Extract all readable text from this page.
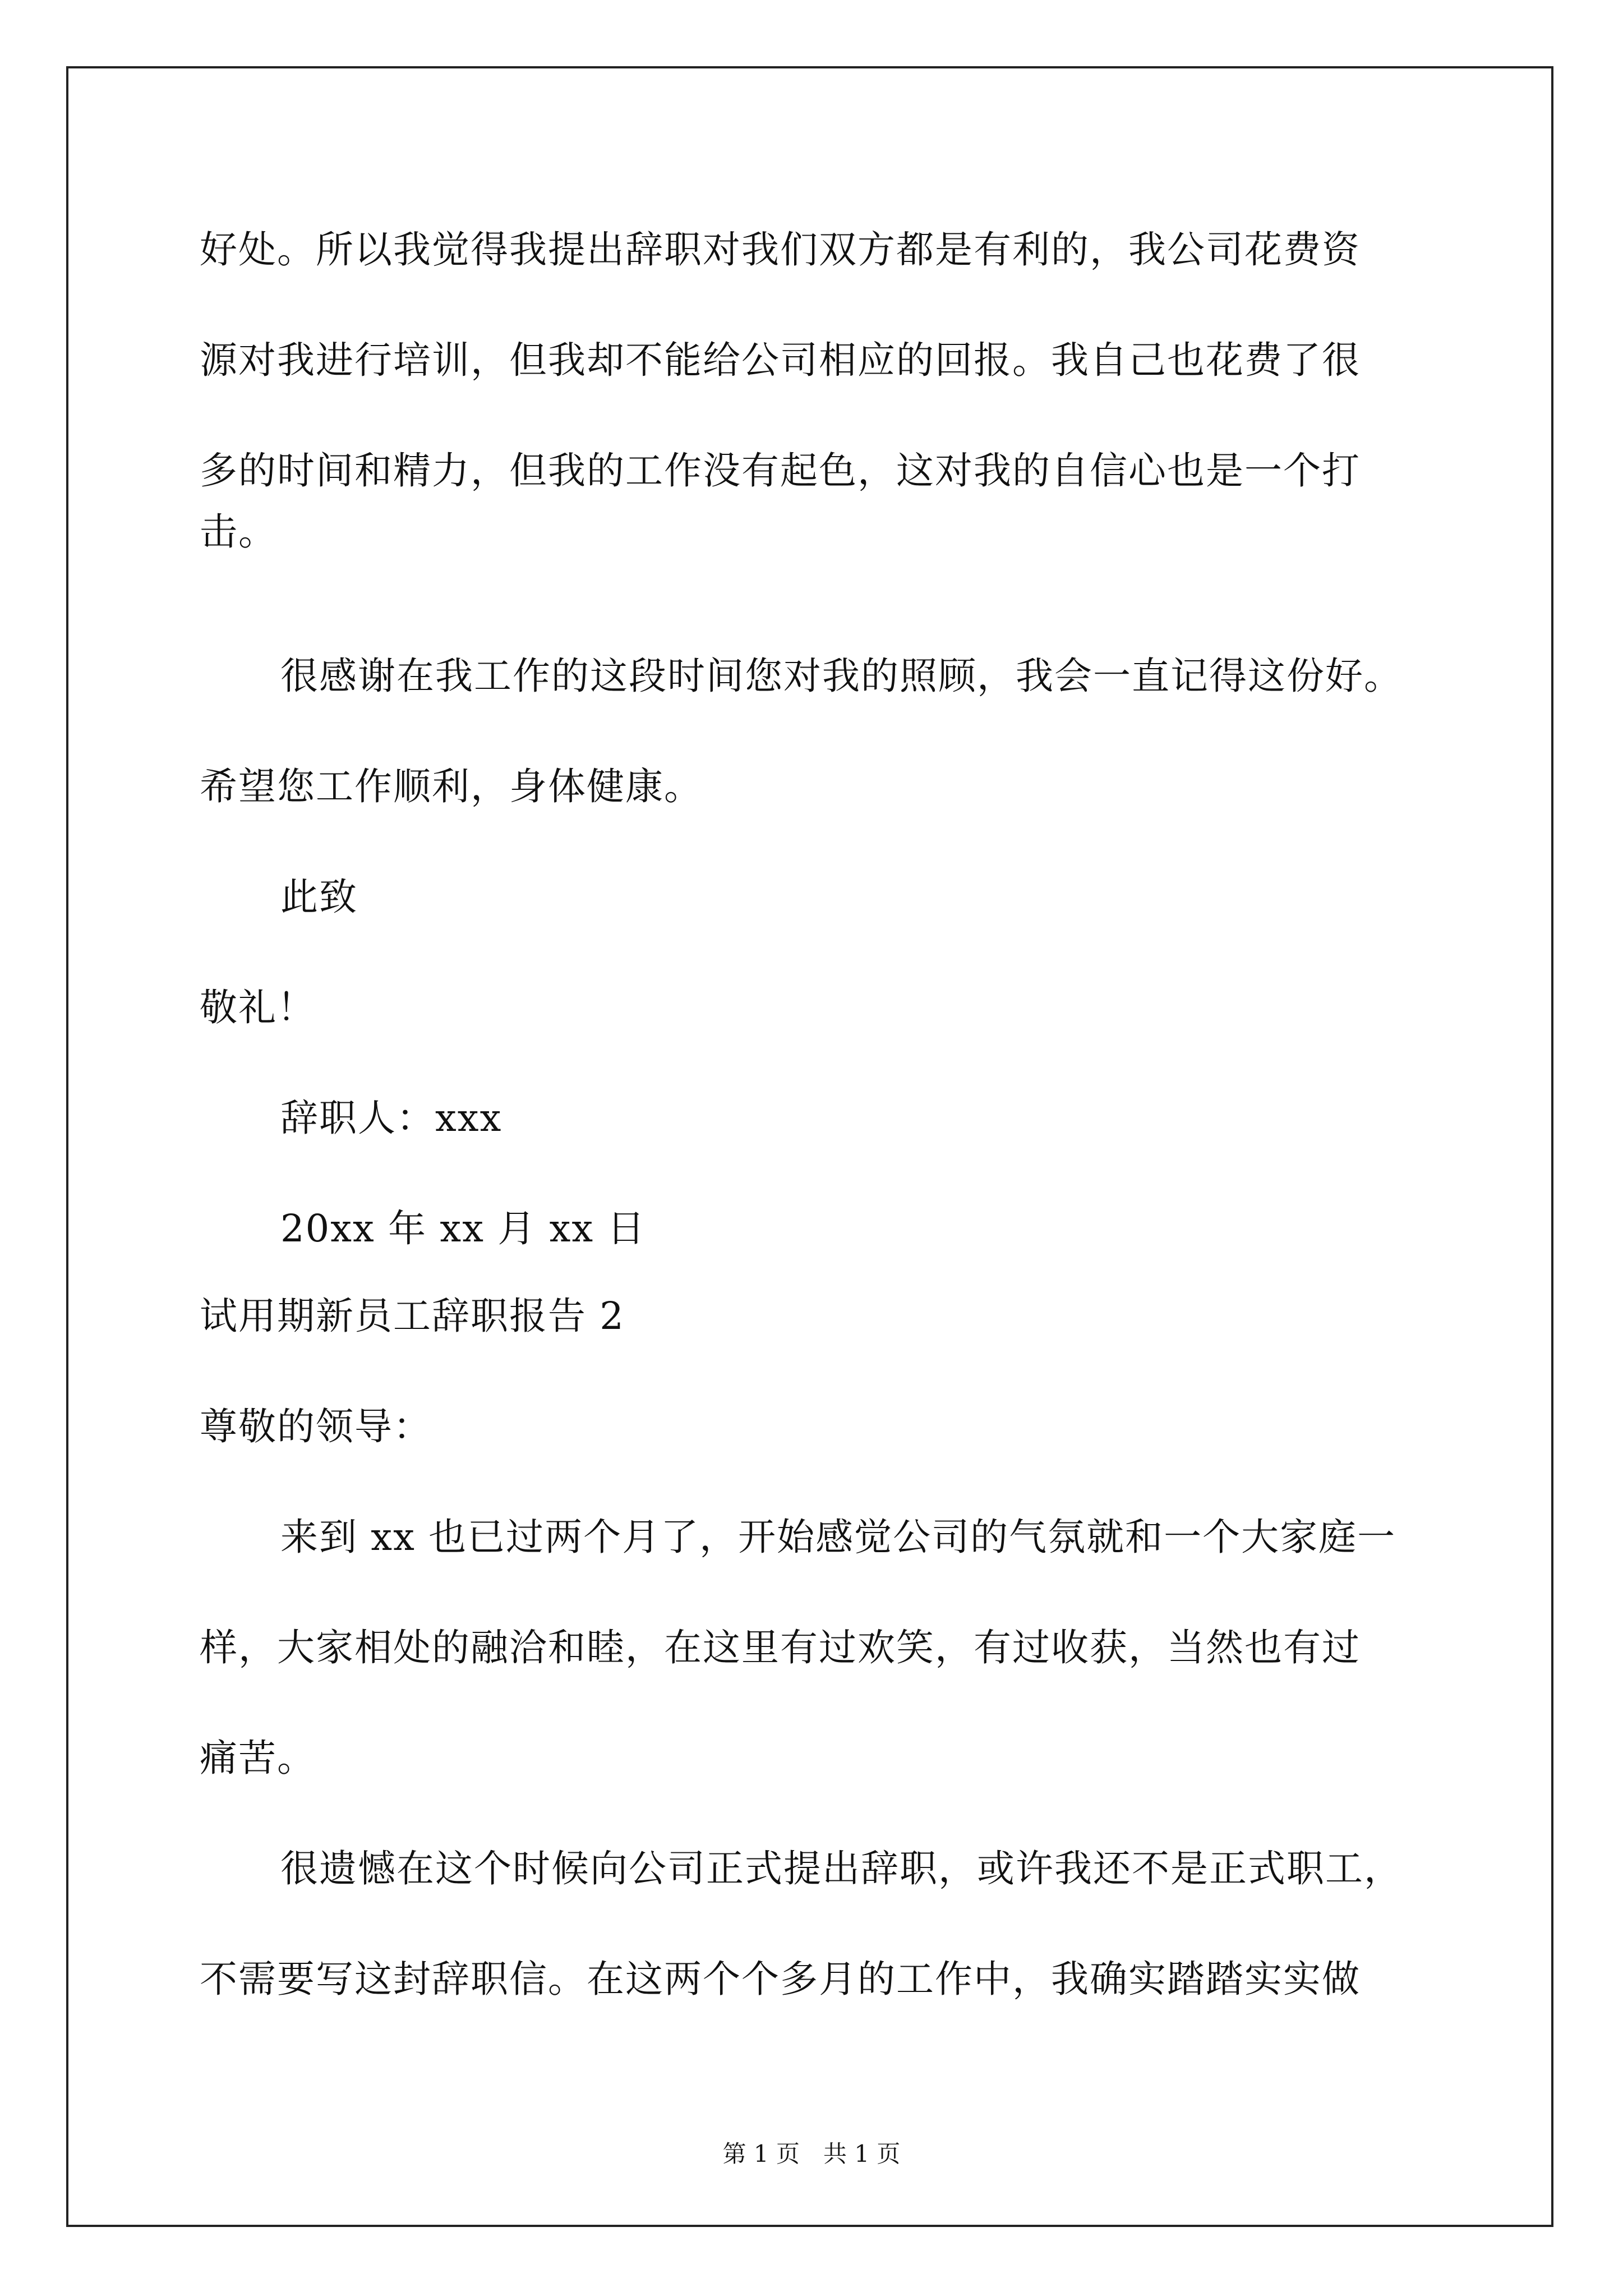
好处。所以我觉得我提出辞职对我们双方都是有利的，我公司花费资
源对我进行培训，但我却不能给公司相应的回报。我自己也花费了很
多的时间和精力，但我的工作没有起色，这对我的自信心也是一个打
击。
很感谢在我工作的这段时间您对我的照顾，我会一直记得这份好。
希望您工作顺利，身体健康。
此致
敬礼！
辞职人：xxx
20xx 年 xx 月 xx 日
试用期新员工辞职报告 2
尊敬的领导：
来到 xx 也已过两个月了，开始感觉公司的气氛就和一个大家庭一
样，大家相处的融洽和睦，在这里有过欢笑，有过收获，当然也有过
痛苦。
很遗憾在这个时候向公司正式提出辞职，或许我还不是正式职工，
不需要写这封辞职信。在这两个个多月的工作中，我确实踏踏实实做
第 1 页　共 1 页
